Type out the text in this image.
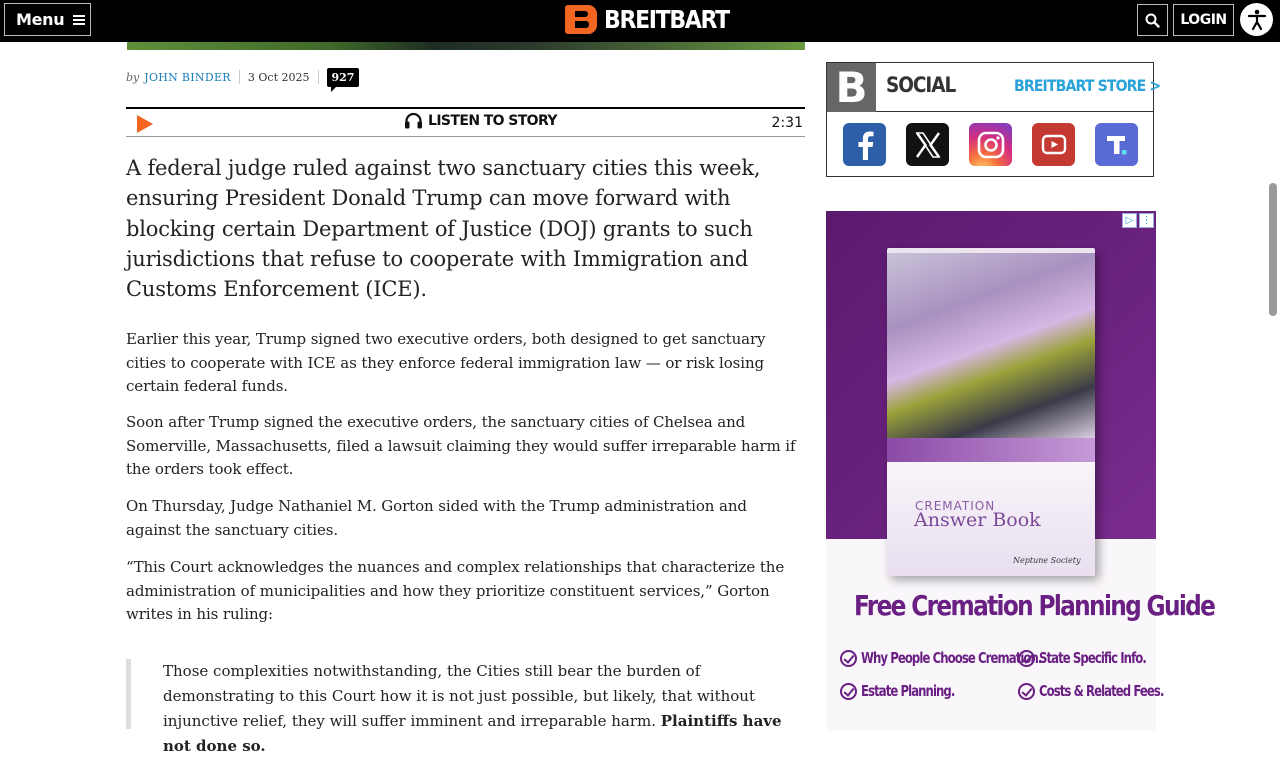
Menu	BREITBART	LOGIN
by JOHN BINDER 3 Oct 2025	927
LISTEN TO STORY	2:31

A federal judge ruled against two sanctuary cities this week, ensuring President Donald Trump can move forward with blocking certain Department of Justice (DOJ) grants to such jurisdictions that refuse to cooperate with Immigration and Customs Enforcement (ICE).

Earlier this year, Trump signed two executive orders, both designed to get sanctuary cities to cooperate with ICE as they enforce federal immigration law — or risk losing certain federal funds.

Soon after Trump signed the executive orders, the sanctuary cities of Chelsea and Somerville, Massachusetts, filed a lawsuit claiming they would suffer irreparable harm if the orders took effect.

On Thursday, Judge Nathaniel M. Gorton sided with the Trump administration and against the sanctuary cities.

“This Court acknowledges the nuances and complex relationships that characterize the administration of municipalities and how they prioritize constituent services,” Gorton writes in his ruling:

Those complexities notwithstanding, the Cities still bear the burden of demonstrating to this Court how it is not just possible, but likely, that without injunctive relief, they will suffer imminent and irreparable harm. Plaintiffs have not done so.
B SOCIAL	BREITBART STORE >
▷ ⋮
CREMATION
Answer Book
Neptune Society
Free Cremation Planning Guide
Why People Choose Cremation.
State Specific Info.
Estate Planning.	Costs & Related Fees.
